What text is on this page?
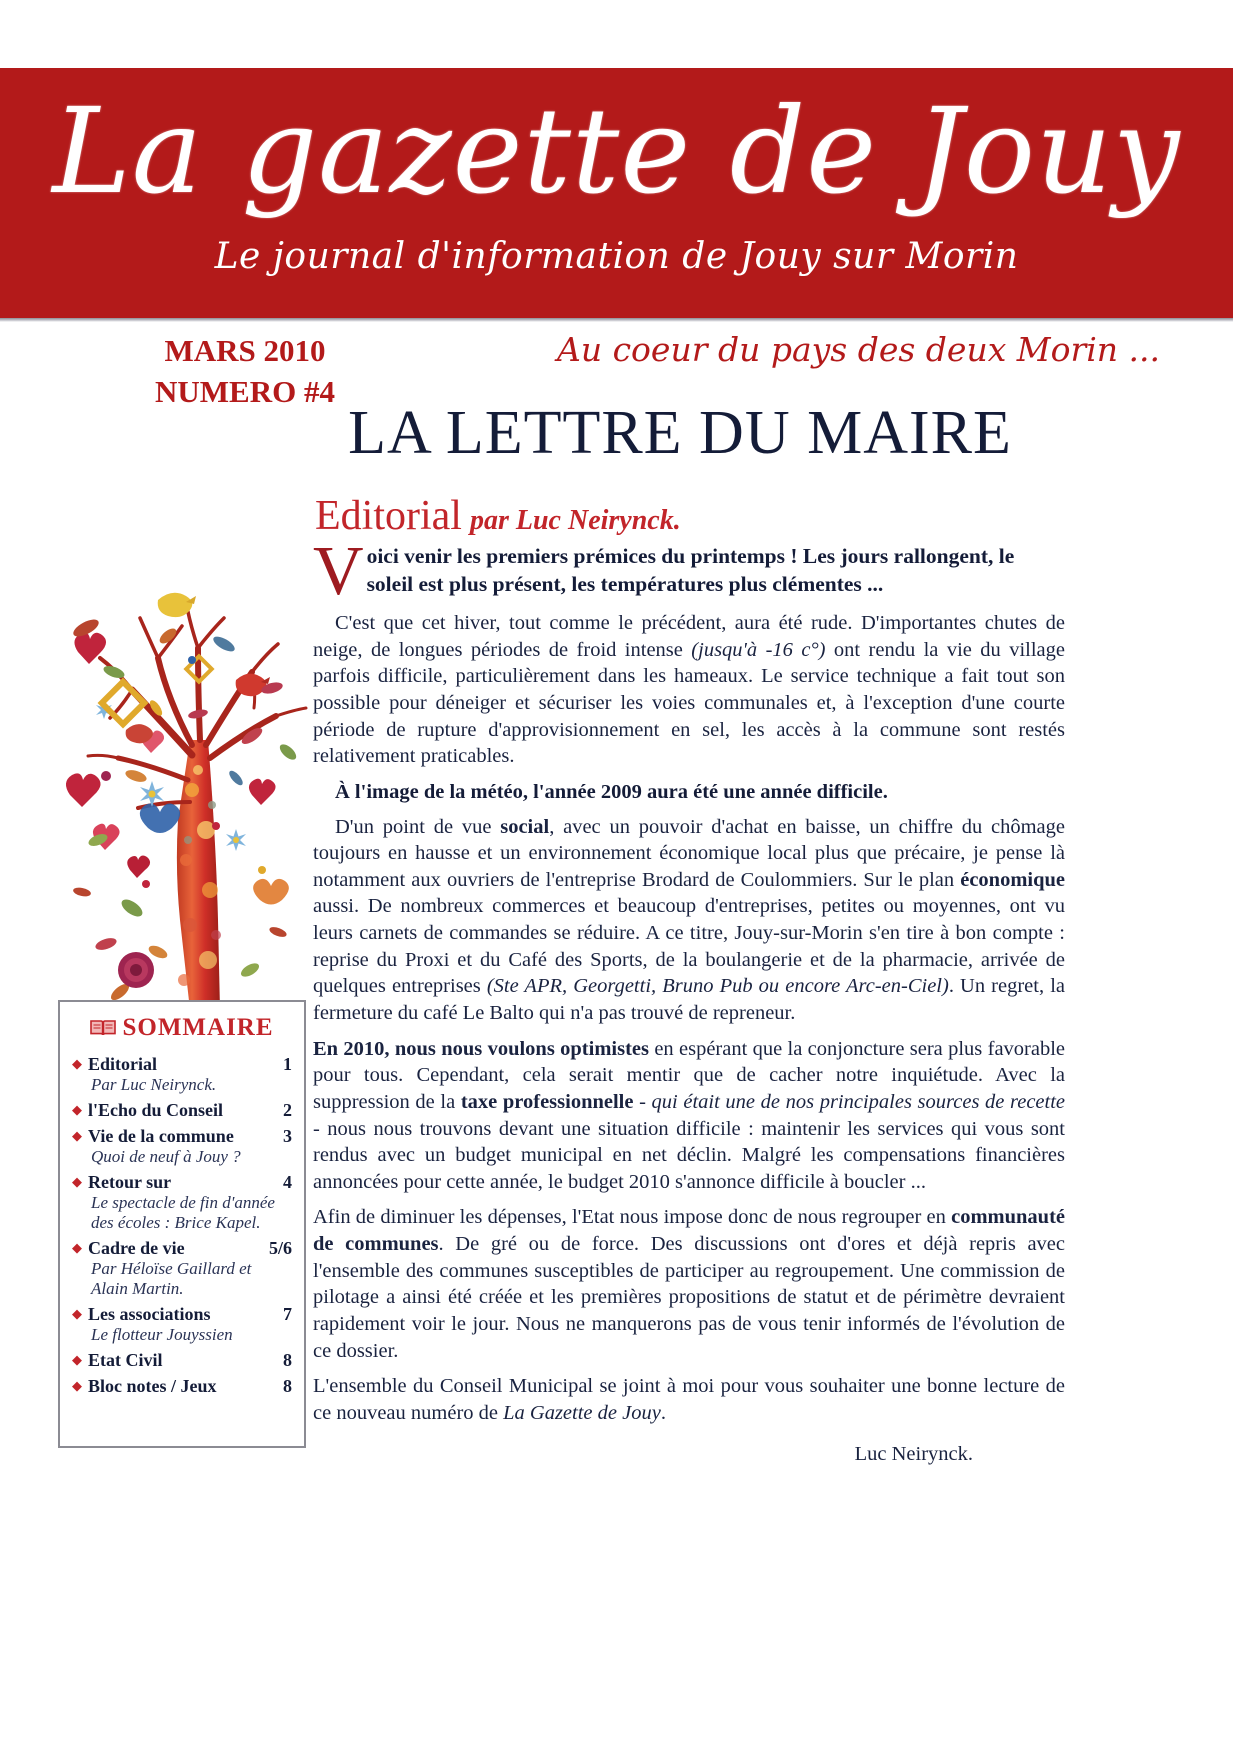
La gazette de Jouy
Le journal d'information de Jouy sur Morin
MARS 2010
NUMERO #4
Au coeur du pays des deux Morin ...
LA LETTRE DU MAIRE
Editorial par Luc Neirynck.
SOMMAIRE
◆ Editorial	1
Par Luc Neirynck.
◆ l'Echo du Conseil	2
◆ Vie de la commune	3
Quoi de neuf à Jouy ?
◆ Retour sur	4
Le spectacle de fin d'année des écoles : Brice Kapel.
◆ Cadre de vie	5/6
Par Héloïse Gaillard et Alain Martin.
◆ Les associations	7
Le flotteur Jouyssien
◆ Etat Civil	8
◆ Bloc notes / Jeux	8

Voici venir les premiers prémices du printemps ! Les jours rallongent, le soleil est plus présent, les températures plus clémentes ...

C'est que cet hiver, tout comme le précédent, aura été rude. D'importantes chutes de neige, de longues périodes de froid intense (jusqu'à -16 c°) ont rendu la vie du village parfois difficile, particulièrement dans les hameaux. Le service technique a fait tout son possible pour déneiger et sécuriser les voies communales et, à l'exception d'une courte période de rupture d'approvisionnement en sel, les accès à la commune sont restés relativement praticables.

À l'image de la météo, l'année 2009 aura été une année difficile.

D'un point de vue social, avec un pouvoir d'achat en baisse, un chiffre du chômage toujours en hausse et un environnement économique local plus que précaire, je pense là notamment aux ouvriers de l'entreprise Brodard de Coulommiers. Sur le plan économique aussi. De nombreux commerces et beaucoup d'entreprises, petites ou moyennes, ont vu leurs carnets de commandes se réduire. A ce titre, Jouy-sur-Morin s'en tire à bon compte : reprise du Proxi et du Café des Sports, de la boulangerie et de la pharmacie, arrivée de quelques entreprises (Ste APR, Georgetti, Bruno Pub ou encore Arc-en-Ciel). Un regret, la fermeture du café Le Balto qui n'a pas trouvé de repreneur.

En 2010, nous nous voulons optimistes en espérant que la conjoncture sera plus favorable pour tous. Cependant, cela serait mentir que de cacher notre inquiétude. Avec la suppression de la taxe professionnelle - qui était une de nos principales sources de recette - nous nous trouvons devant une situation difficile : maintenir les services qui vous sont rendus avec un budget municipal en net déclin. Malgré les compensations financières annoncées pour cette année, le budget 2010 s'annonce difficile à boucler ...

Afin de diminuer les dépenses, l'Etat nous impose donc de nous regrouper en communauté de communes. De gré ou de force. Des discussions ont d'ores et déjà repris avec l'ensemble des communes susceptibles de participer au regroupement. Une commission de pilotage a ainsi été créée et les premières propositions de statut et de périmètre devraient rapidement voir le jour. Nous ne manquerons pas de vous tenir informés de l'évolution de ce dossier.

L'ensemble du Conseil Municipal se joint à moi pour vous souhaiter une bonne lecture de ce nouveau numéro de La Gazette de Jouy.

Luc Neirynck.
